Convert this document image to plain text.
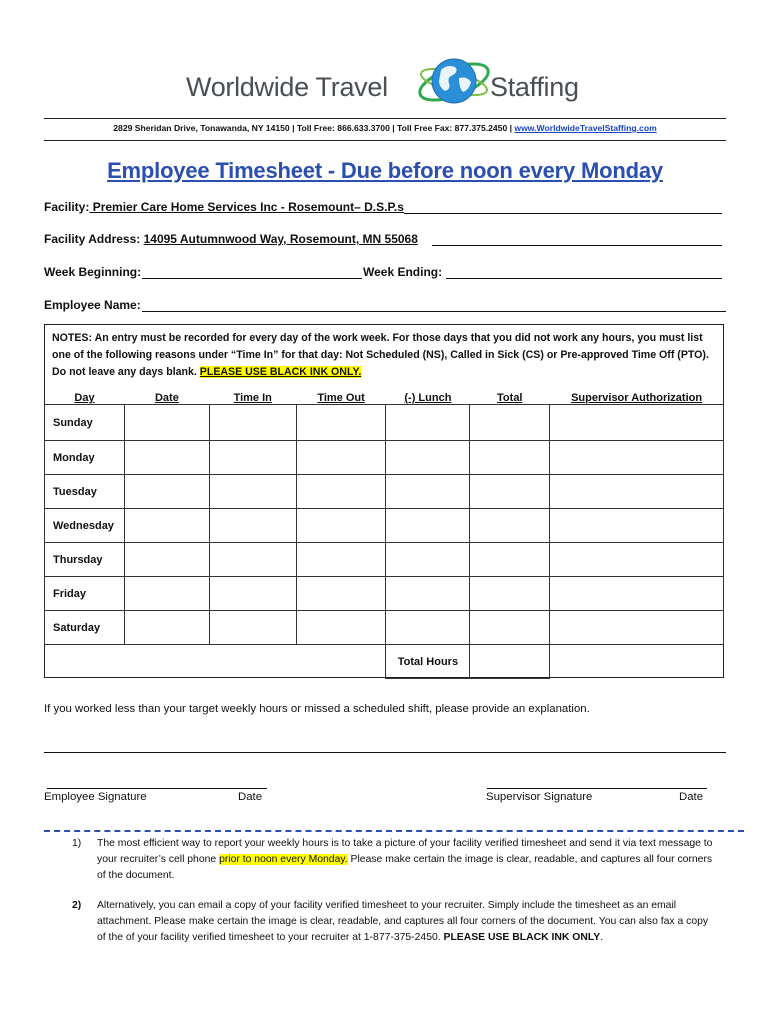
Worldwide Travel	Staffing
2829 Sheridan Drive, Tonawanda, NY 14150 | Toll Free: 866.633.3700 | Toll Free Fax: 877.375.2450 | www.WorldwideTravelStaffing.com
Employee Timesheet - Due before noon every Monday
Facility: Premier Care Home Services Inc - Rosemount– D.S.P.s
Facility Address: 14095 Autumnwood Way, Rosemount, MN 55068
Week Beginning:	Week Ending:
Employee Name:
NOTES: An entry must be recorded for every day of the work week. For those days that you did not work any hours, you must list one of the following reasons under “Time In” for that day: Not Scheduled (NS), Called in Sick (CS) or Pre-approved Time Off (PTO). Do not leave any days blank. PLEASE USE BLACK INK ONLY.
Day	Date	Time In	Time Out	(-) Lunch	Total	Supervisor Authorization
Sunday						
Monday						
Tuesday						
Wednesday						
Thursday						
Friday						
Saturday						
				Total Hours		
If you worked less than your target weekly hours or missed a scheduled shift, please provide an explanation.
Employee Signature	Date	Supervisor Signature	Date
1) The most efficient way to report your weekly hours is to take a picture of your facility verified timesheet and send it via text message to your recruiter’s cell phone prior to noon every Monday. Please make certain the image is clear, readable, and captures all four corners of the document.
2) Alternatively, you can email a copy of your facility verified timesheet to your recruiter. Simply include the timesheet as an email attachment. Please make certain the image is clear, readable, and captures all four corners of the document. You can also fax a copy of the of your facility verified timesheet to your recruiter at 1-877-375-2450. PLEASE USE BLACK INK ONLY.
